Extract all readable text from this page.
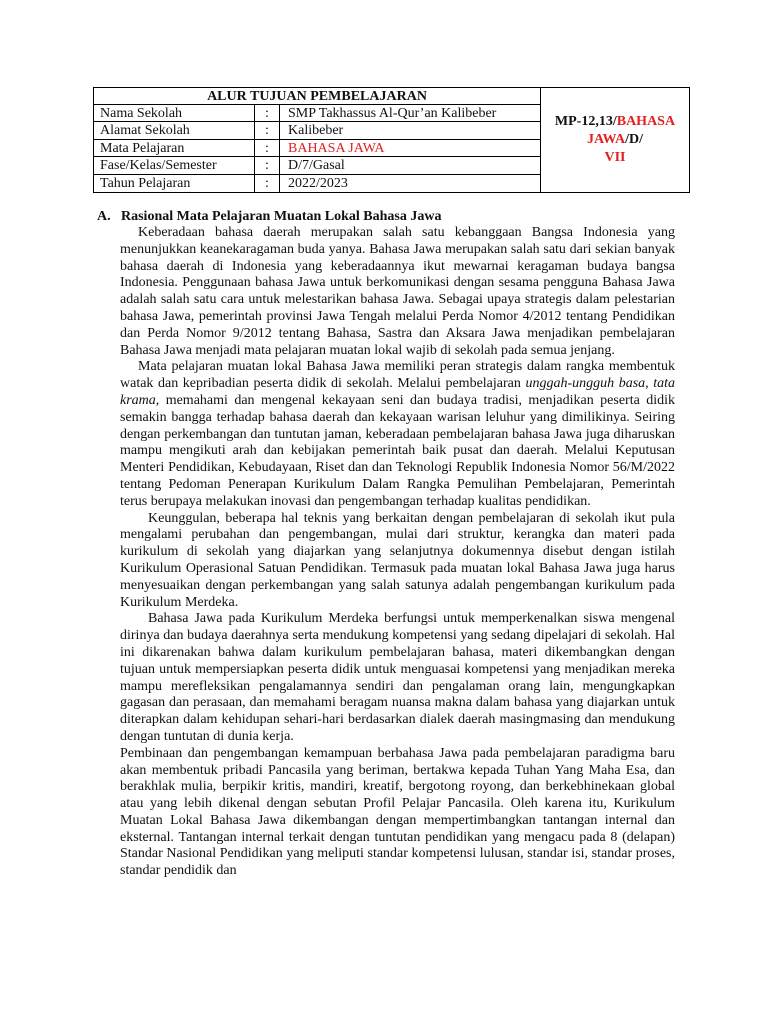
ALUR TUJUAN PEMBELAJARAN
Nama Sekolah	:	SMP Takhassus Al-Qur’an Kalibeber
Alamat Sekolah	:	Kalibeber
Mata Pelajaran	:	BAHASA JAWA
Fase/Kelas/Semester	:	D/7/Gasal
Tahun Pelajaran	:	2022/2023
MP-12,13/BAHASA JAWA/D/
VII
A. Rasional Mata Pelajaran Muatan Lokal Bahasa Jawa

Keberadaan bahasa daerah merupakan salah satu kebanggaan Bangsa Indonesia yang menunjukkan keanekaragaman buda yanya. Bahasa Jawa merupakan salah satu dari sekian banyak bahasa daerah di Indonesia yang keberadaannya ikut mewarnai keragaman budaya bangsa Indonesia. Penggunaan bahasa Jawa untuk berkomunikasi dengan sesama pengguna Bahasa Jawa adalah salah satu cara untuk melestarikan bahasa Jawa. Sebagai upaya strategis dalam pelestarian bahasa Jawa, pemerintah provinsi Jawa Tengah melalui Perda Nomor 4/2012 tentang Pendidikan dan Perda Nomor 9/2012 tentang Bahasa, Sastra dan Aksara Jawa menjadikan pembelajaran Bahasa Jawa menjadi mata pelajaran muatan lokal wajib di sekolah pada semua jenjang.

Mata pelajaran muatan lokal Bahasa Jawa memiliki peran strategis dalam rangka membentuk watak dan kepribadian peserta didik di sekolah. Melalui pembelajaran unggah-ungguh basa, tata krama, memahami dan mengenal kekayaan seni dan budaya tradisi, menjadikan peserta didik semakin bangga terhadap bahasa daerah dan kekayaan warisan leluhur yang dimilikinya. Seiring dengan perkembangan dan tuntutan jaman, keberadaan pembelajaran bahasa Jawa juga diharuskan mampu mengikuti arah dan kebijakan pemerintah baik pusat dan daerah. Melalui Keputusan Menteri Pendidikan, Kebudayaan, Riset dan dan Teknologi Republik Indonesia Nomor 56/M/2022 tentang Pedoman Penerapan Kurikulum Dalam Rangka Pemulihan Pembelajaran, Pemerintah terus berupaya melakukan inovasi dan pengembangan terhadap kualitas pendidikan.

Keunggulan, beberapa hal teknis yang berkaitan dengan pembelajaran di sekolah ikut pula mengalami perubahan dan pengembangan, mulai dari struktur, kerangka dan materi pada kurikulum di sekolah yang diajarkan yang selanjutnya dokumennya disebut dengan istilah Kurikulum Operasional Satuan Pendidikan. Termasuk pada muatan lokal Bahasa Jawa juga harus menyesuaikan dengan perkembangan yang salah satunya adalah pengembangan kurikulum pada Kurikulum Merdeka.

Bahasa Jawa pada Kurikulum Merdeka berfungsi untuk memperkenalkan siswa mengenal dirinya dan budaya daerahnya serta mendukung kompetensi yang sedang dipelajari di sekolah. Hal ini dikarenakan bahwa dalam kurikulum pembelajaran bahasa, materi dikembangkan dengan tujuan untuk mempersiapkan peserta didik untuk menguasai kompetensi yang menjadikan mereka mampu merefleksikan pengalamannya sendiri dan pengalaman orang lain, mengungkapkan gagasan dan perasaan, dan memahami beragam nuansa makna dalam bahasa yang diajarkan untuk diterapkan dalam kehidupan sehari-hari berdasarkan dialek daerah masingmasing dan mendukung dengan tuntutan di dunia kerja.

Pembinaan dan pengembangan kemampuan berbahasa Jawa pada pembelajaran paradigma baru akan membentuk pribadi Pancasila yang beriman, bertakwa kepada Tuhan Yang Maha Esa, dan berakhlak mulia, berpikir kritis, mandiri, kreatif, bergotong royong, dan berkebhinekaan global atau yang lebih dikenal dengan sebutan Profil Pelajar Pancasila. Oleh karena itu, Kurikulum Muatan Lokal Bahasa Jawa dikembangan dengan mempertimbangkan tantangan internal dan eksternal. Tantangan internal terkait dengan tuntutan pendidikan yang mengacu pada 8 (delapan) Standar Nasional Pendidikan yang meliputi standar kompetensi lulusan, standar isi, standar proses, standar pendidik dan
